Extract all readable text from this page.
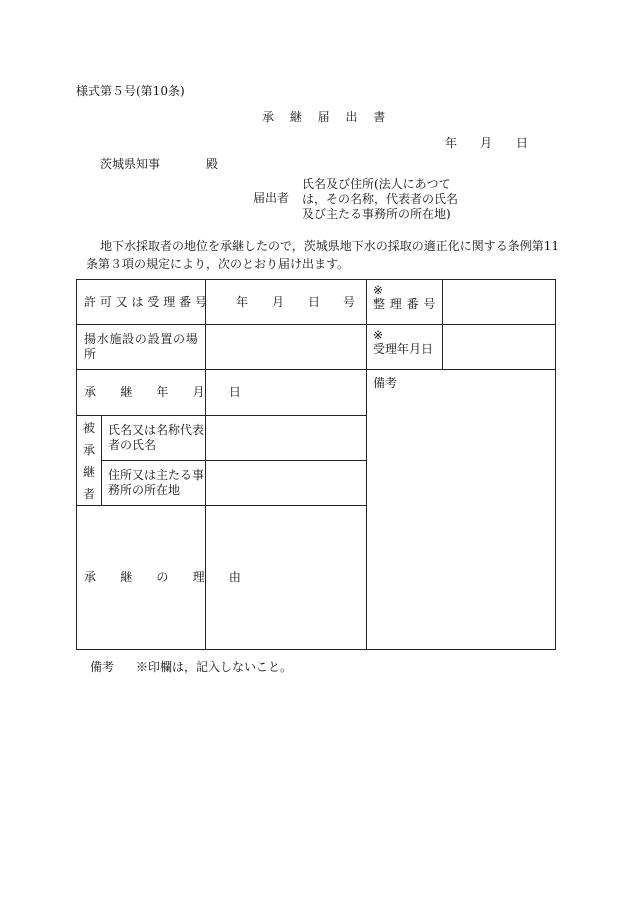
様式第５号(第10条)
承 継 届 出 書
年 月 日
茨城県知事	殿
届出者
氏名及び住所(法人にあつて
は，その名称，代表者の氏名
及び主たる事務所の所在地)
地下水採取者の地位を承継したので，茨城県地下水の採取の適正化に関する条例第11
条第３項の規定により，次のとおり届け出ます。
許可又は受理番号 年 月 日 号
※
整理番号
揚水施設の設置の場所
※
受理年月日
承 継 年 月 日
備考
被
承
継
者
氏名又は名称代表者の氏名
住所又は主たる事務所の所在地
承 継 の 理 由
備考 ※印欄は，記入しないこと。
